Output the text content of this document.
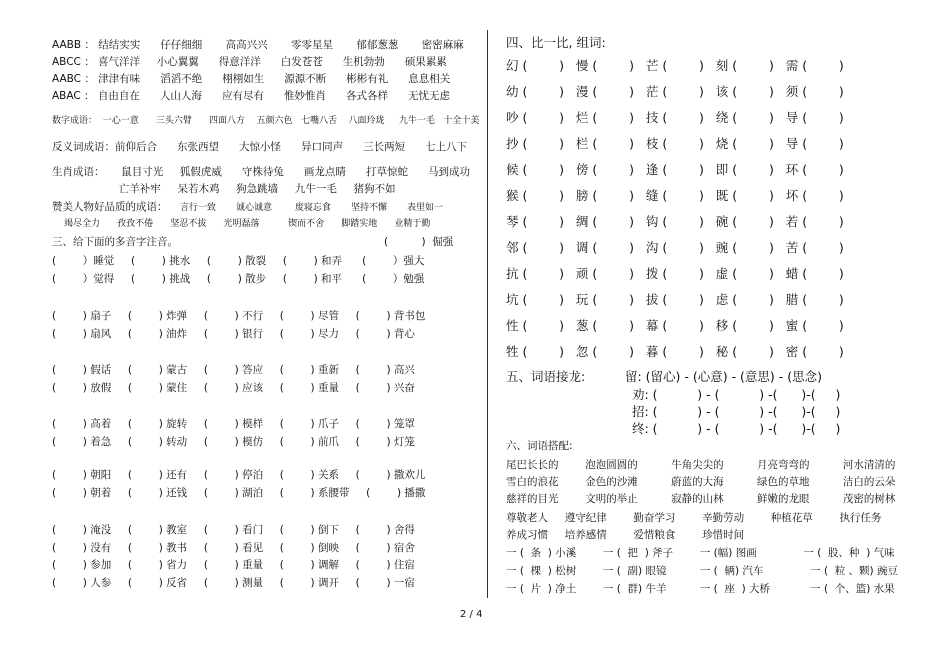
AABB ： 结结实实      仔仔细细       高高兴兴       零零星星       郁郁葱葱       密密麻麻
ABCC ： 喜气洋洋     小心翼翼      得意洋洋      白发苍苍      生机勃勃      硕果累累
AABC ： 津津有味      滔滔不绝      栩栩如生      源源不断      彬彬有礼      息息相关
ABAC ： 自由自在      人山人海      应有尽有      惟妙惟肖      各式各样      无忧无虑
数字成语：  一心一意      三头六臂      四面八方    五颜六色   七嘴八舌    八面玲珑     九牛一毛   十全十美
反义词成语：前仰后合      东张西望      大惊小怪      异口同声      三长两短      七上八下
生肖成语：     鼠目寸光     狐假虎威      守株待兔      画龙点睛      打草惊蛇      马到成功
亡羊补牢     呆若木鸡     狗急跳墙     九牛一毛     猪狗不如
赞美人物好品质的成语： 言行一致       诚心诚意        废寝忘食       坚持不懈       表里如一
竭尽全力      孜孜不倦      坚忍不拔      光明磊落          锲而不舍      脚踏实地      业精于勤
三、给下面的多音字注音。	(          )  倔强
(        ）睡觉     (        ) 挑水     (        ) 散裂     (        ) 和弄      (        ）强大
(        ）觉得     (        ) 挑战     (        ) 散步     (        ) 和平      (        ）勉强
(        ) 扇子     (        ) 炸弹     (        ) 不行     (        ) 尽管     (        ) 背书包
(        ) 扇风     (        ) 油炸     (        ) 银行     (        ) 尽力     (        ) 背心
(        ) 假话     (        ) 蒙古     (        ) 答应     (        ) 重新     (        ) 高兴
(        ) 放假     (        ) 蒙住     (        ) 应该     (        ) 重量     (        ) 兴奋
(        ) 高着     (        ) 旋转     (        ) 模样     (        ) 爪子     (        ) 笼罩
(        ) 着急     (        ) 转动     (        ) 模仿     (        ) 前爪     (        ) 灯笼
(        ) 朝阳     (        ) 还有     (        ) 停泊     (        ) 关系     (        ) 撒欢儿
(        ) 朝着     (        ) 还钱     (        ) 湖泊     (        ) 系腰带     (        ) 播撒
(        ) 淹没     (        ) 教室     (        ) 看门     (        ) 倒下     (        ) 舍得
(        ) 没有     (        ) 教书     (        ) 看见     (        ) 倒映     (        ) 宿舍
(        ) 参加     (        ) 省力     (        ) 重量     (        ) 调解     (        ) 住宿
(        ) 人参     (        ) 反省     (        ) 测量     (        ) 调开     (        ) 一宿
四、比一比, 组词:
幻 (        )   慢 (        )   芒 (        )   刻 (        )   需 (        )
幼 (        )   漫 (        )   茫 (        )   该 (        )   须 (        )
吵 (        )   烂 (        )   技 (        )   绕 (        )   导 (        )
抄 (        )   栏 (        )   枝 (        )   烧 (        )   导 (        )
候 (        )   傍 (        )   逢 (        )   即 (        )   环 (        )
猴 (        )   膀 (        )   缝 (        )   既 (        )   坏 (        )
琴 (        )   绸 (        )   钩 (        )   碗 (        )   若 (        )
邻 (        )   调 (        )   沟 (        )   豌 (        )   苦 (        )
抗 (        )   顽 (        )   拨 (        )   虚 (        )   蜡 (        )
坑 (        )   玩 (        )   拔 (        )   虑 (        )   腊 (        )
性 (        )   葱 (        )   幕 (        )   移 (        )   蜜 (        )
牲 (        )   忽 (        )   暮 (        )   秘 (        )   密 (        )
五、词语接龙:          留: (留心) - (心意) - (意思) - (思念)
劝: (          ) - (          ) -(      )-(     )
招: (          ) - (          ) -(      )-(     )
终: (          ) - (          ) -(      )-(     )
六、词语搭配:
尾巴长长的        泡泡圆圆的          牛角尖尖的          月亮弯弯的          河水清清的
雪白的浪花        金色的沙滩          蔚蓝的大海          绿色的草地          洁白的云朵
慈祥的目光        文明的举止          寂静的山林          鲜嫩的龙眼          茂密的树林
尊敬老人     遵守纪律        勤奋学习        辛勤劳动        种植花草        执行任务
养成习惯     培养感情        爱惜粮食        珍惜时间
一 (  条  ) 小溪        一 (  把  ) 斧子        一 (幅) 图画              一 (  股、种  ) 气味
一 (  棵  ) 松树        一 (  副) 眼镜          一 (  辆) 汽车              一 (  粒 、颗) 豌豆
一 (  片  ) 净土        一 (  群) 牛羊          一 (  座  ) 大桥            一 (  个、篮) 水果
2 / 4
